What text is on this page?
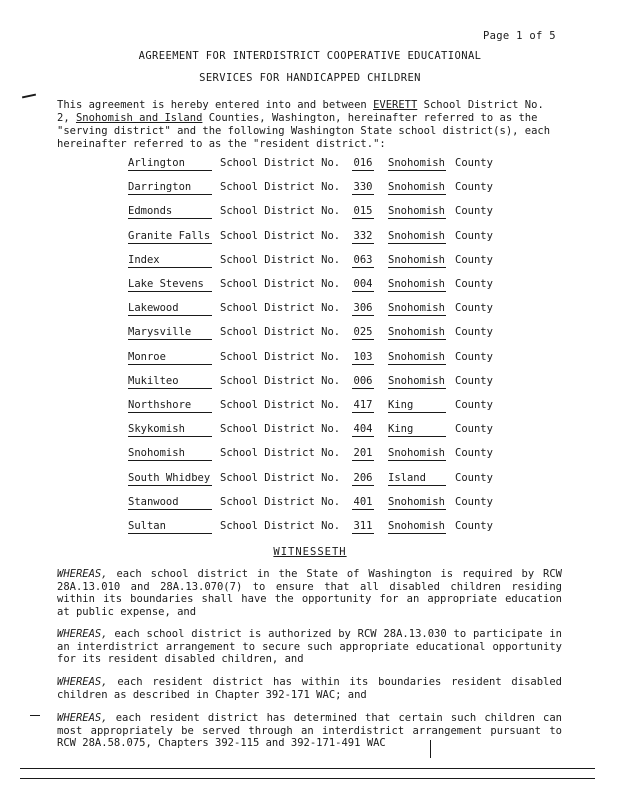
Page 1 of 5
AGREEMENT FOR INTERDISTRICT COOPERATIVE EDUCATIONAL
SERVICES FOR HANDICAPPED CHILDREN
This agreement is hereby entered into and between EVERETT School District No. 2, Snohomish and Island Counties, Washington, hereinafter referred to as the "serving district" and the following Washington State school district(s), each hereinafter referred to as the "resident district.":
Arlington	School District No. 016 Snohomish County
Darrington	School District No. 330 Snohomish County
Edmonds	School District No. 015 Snohomish County
Granite Falls School District No. 332 Snohomish County
Index	School District No. 063 Snohomish County
Lake Stevens	School District No. 004 Snohomish County
Lakewood	School District No. 306 Snohomish County
Marysville	School District No. 025 Snohomish County
Monroe	School District No. 103 Snohomish County
Mukilteo	School District No. 006 Snohomish County
Northshore	School District No. 417 King	County
Skykomish	School District No. 404 King	County
Snohomish	School District No. 201 Snohomish County
South Whidbey School District No. 206 Island	County
Stanwood	School District No. 401 Snohomish County
Sultan	School District No. 311 Snohomish County
WITNESSETH
WHEREAS, each school district in the State of Washington is required by RCW 28A.13.010 and 28A.13.070(7) to ensure that all disabled children residing within its boundaries shall have the opportunity for an appropriate education at public expense, and
WHEREAS, each school district is authorized by RCW 28A.13.030 to participate in an interdistrict arrangement to secure such appropriate educational opportunity for its resident disabled children, and
WHEREAS, each resident district has within its boundaries resident disabled children as described in Chapter 392-171 WAC; and
WHEREAS, each resident district has determined that certain such children can most appropriately be served through an interdistrict arrangement pursuant to RCW 28A.58.075, Chapters 392-115 and 392-171-491 WAC
